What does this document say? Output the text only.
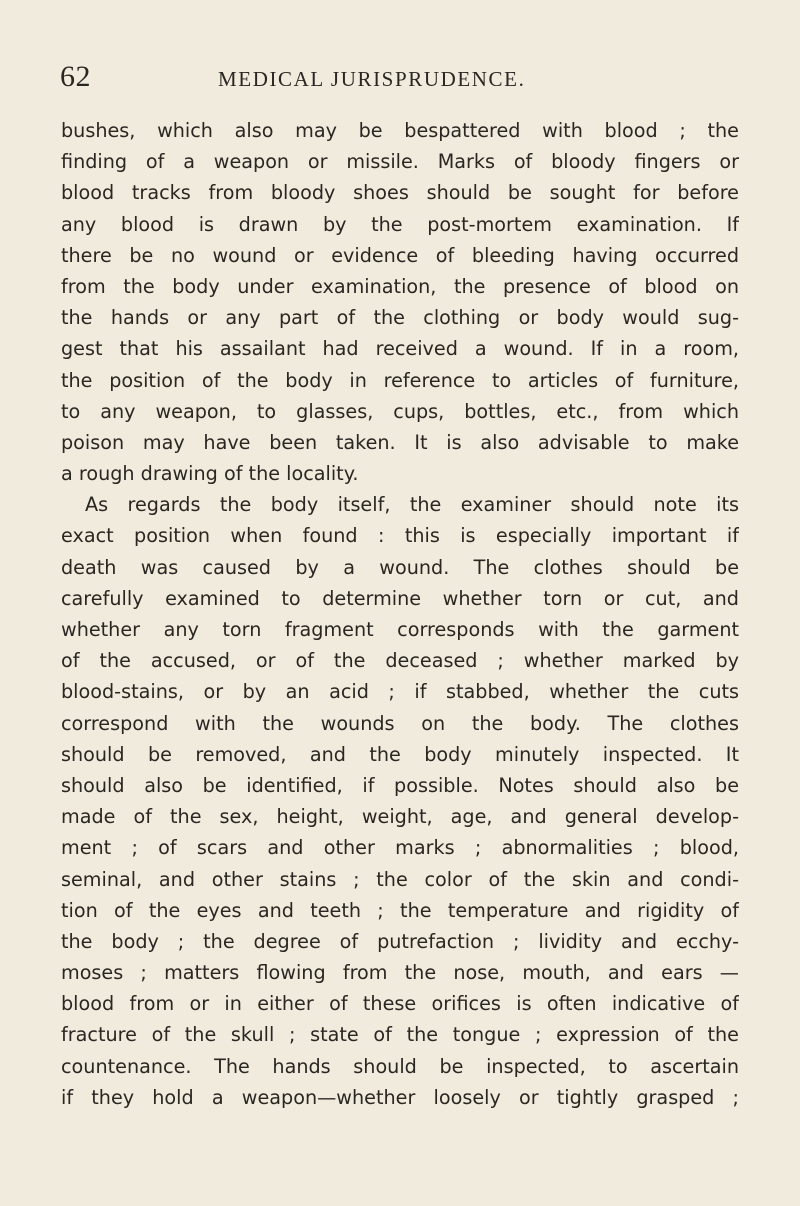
62	MEDICAL JURISPRUDENCE.
bushes, which also may be bespattered with blood ; the
finding of a weapon or missile. Marks of bloody fingers or
blood tracks from bloody shoes should be sought for before
any blood is drawn by the post-mortem examination. If
there be no wound or evidence of bleeding having occurred
from the body under examination, the presence of blood on
the hands or any part of the clothing or body would sug-
gest that his assailant had received a wound. If in a room,
the position of the body in reference to articles of furniture,
to any weapon, to glasses, cups, bottles, etc., from which
poison may have been taken. It is also advisable to make
a rough drawing of the locality.
As regards the body itself, the examiner should note its
exact position when found : this is especially important if
death was caused by a wound. The clothes should be
carefully examined to determine whether torn or cut, and
whether any torn fragment corresponds with the garment
of the accused, or of the deceased ; whether marked by
blood-stains, or by an acid ; if stabbed, whether the cuts
correspond with the wounds on the body. The clothes
should be removed, and the body minutely inspected. It
should also be identified, if possible. Notes should also be
made of the sex, height, weight, age, and general develop-
ment ; of scars and other marks ; abnormalities ; blood,
seminal, and other stains ; the color of the skin and condi-
tion of the eyes and teeth ; the temperature and rigidity of
the body ; the degree of putrefaction ; lividity and ecchy-
moses ; matters flowing from the nose, mouth, and ears —
blood from or in either of these orifices is often indicative of
fracture of the skull ; state of the tongue ; expression of the
countenance. The hands should be inspected, to ascertain
if they hold a weapon—whether loosely or tightly grasped ;
